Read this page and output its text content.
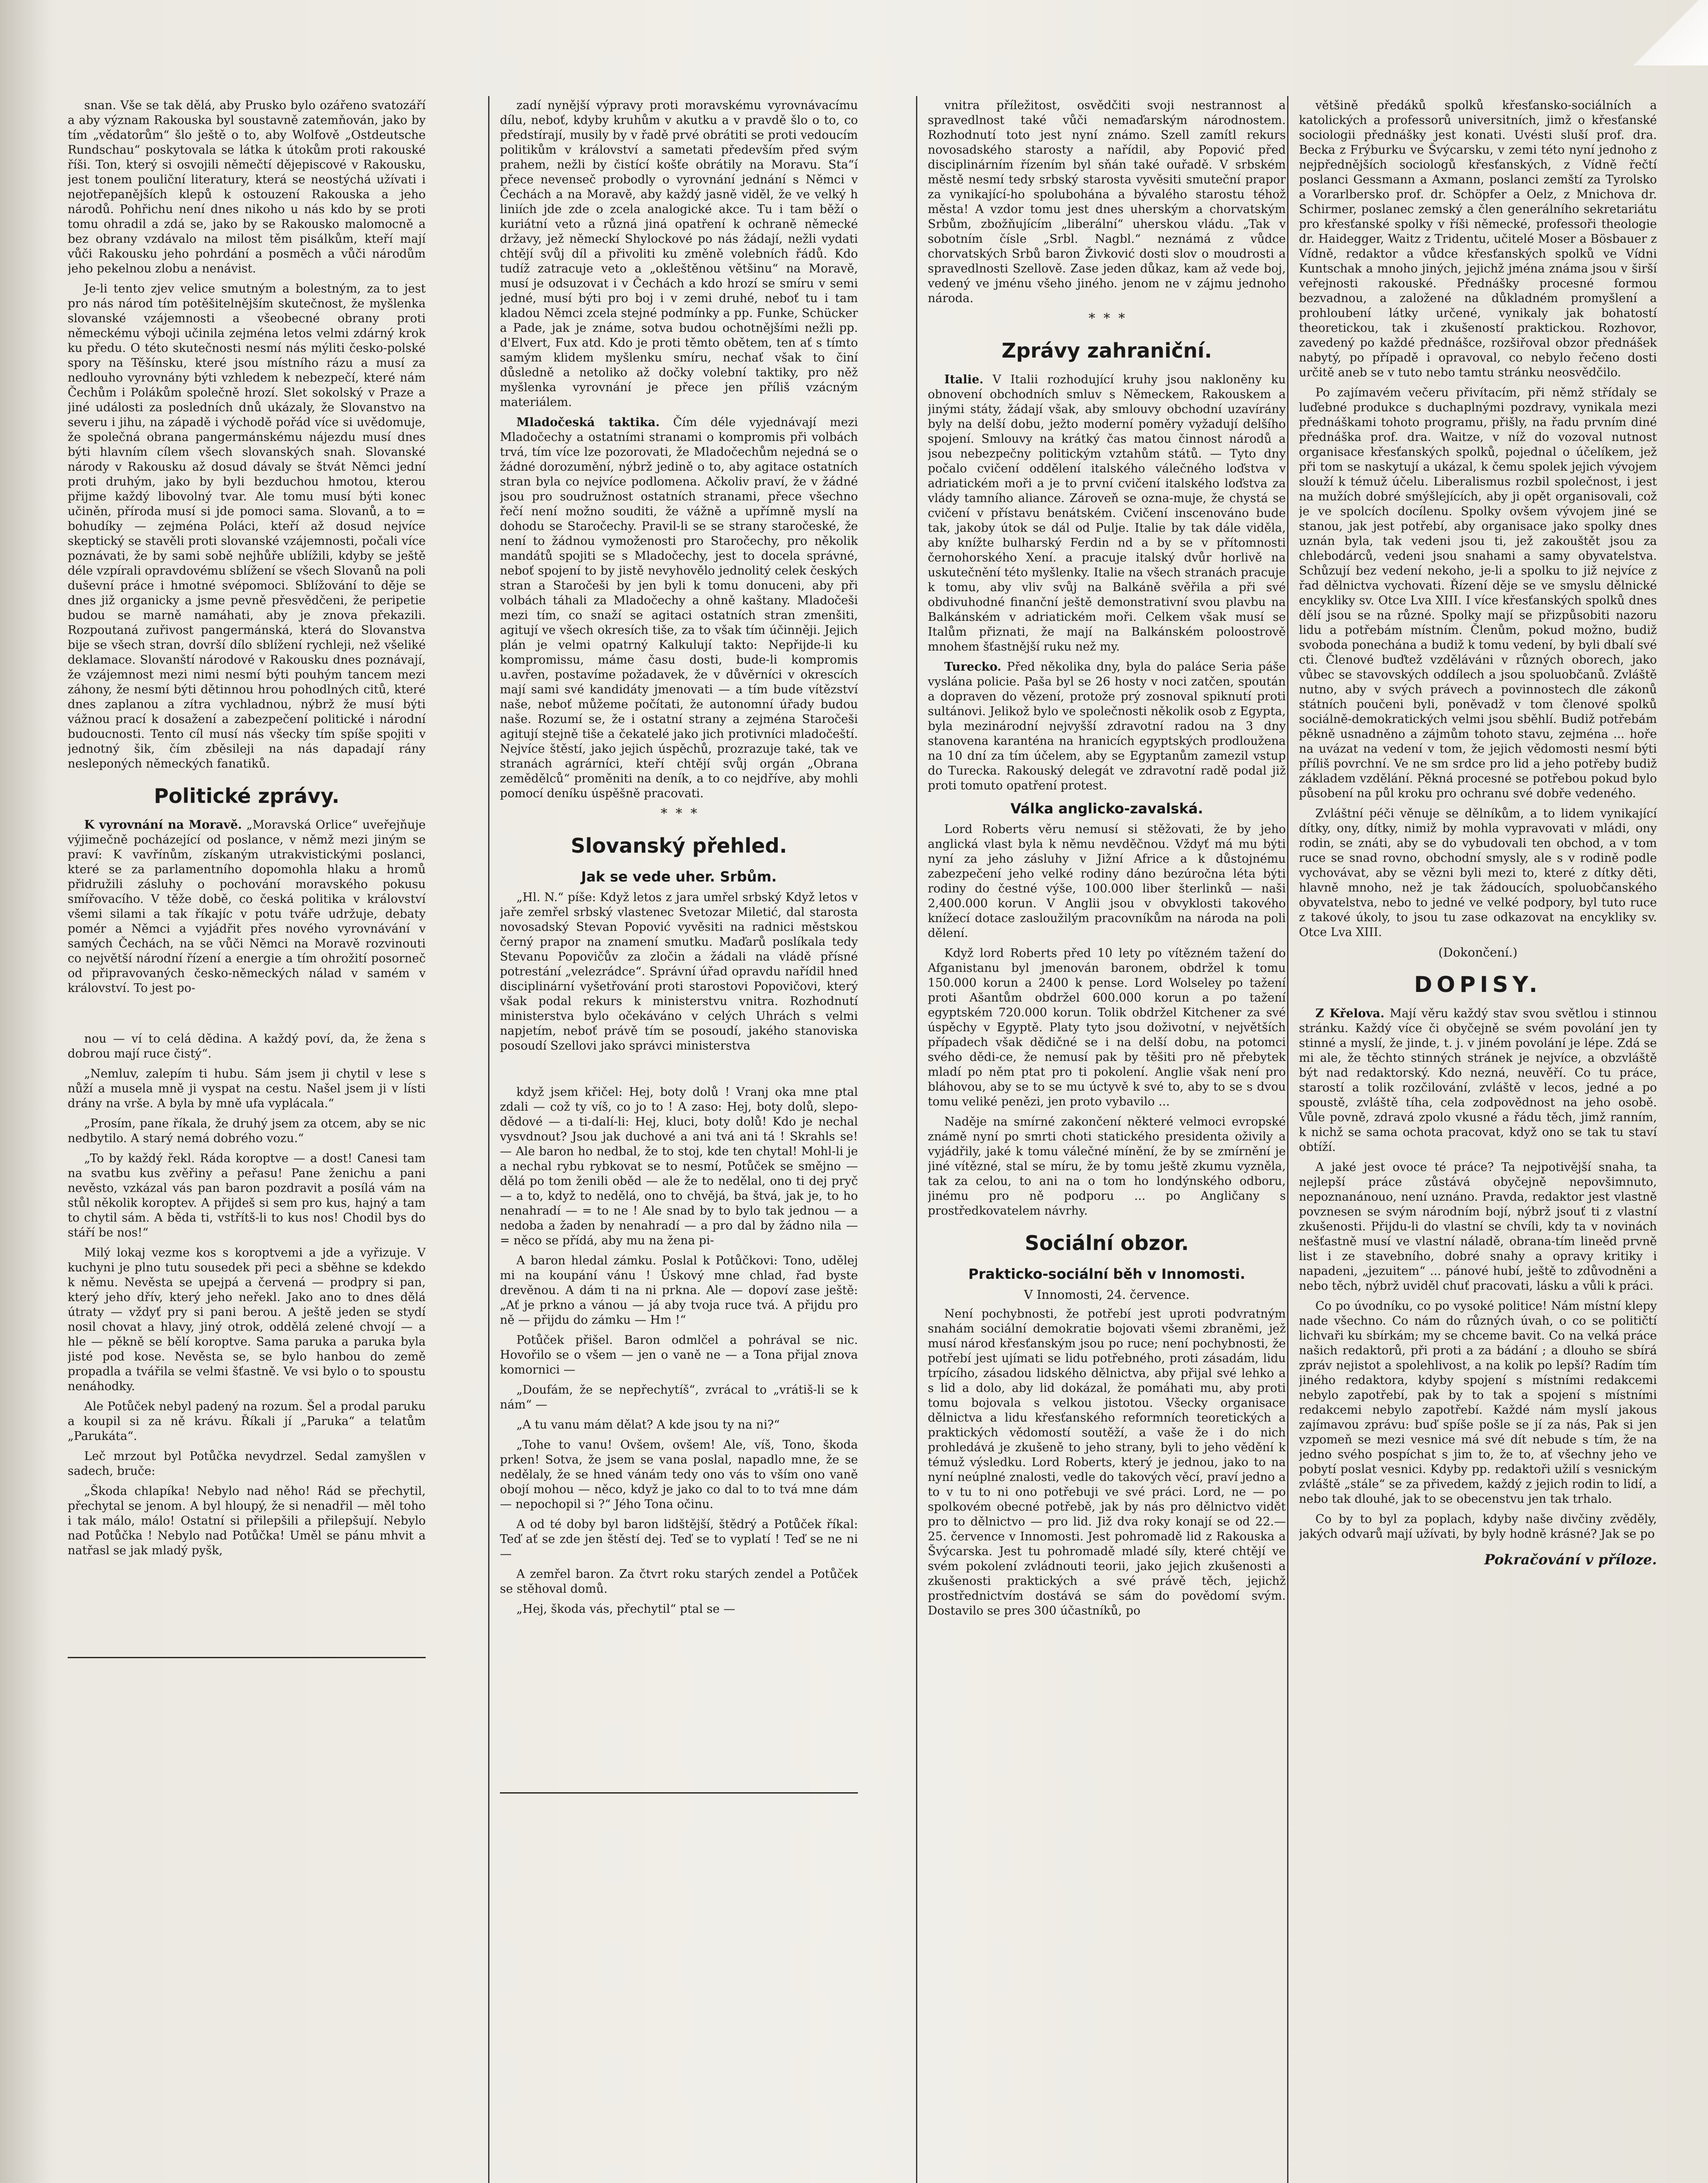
snan. Vše se tak dělá, aby Prusko bylo ozářeno svatozáří a aby význam Rakouska byl soustavně zatemňován, jako by tím „vědatorům“ šlo ještě o to, aby Wolfově „Ostdeutsche Rundschau“ poskytovala se látka k útokům proti rakouské říši. Ton, který si osvojili němečtí dějepiscové v Rakousku, jest tonem pouliční literatury, která se neostýchá užívati i nejotřepanějších klepů k ostouzení Rakouska a jeho národů. Pohřichu není dnes nikoho u nás kdo by se proti tomu ohradil a zdá se, jako by se Rakousko malomocně a bez obrany vzdávalo na milost těm pisálkům, kteří mají vůči Rakousku jeho pohrdání a posměch a vůči národům jeho pekelnou zlobu a nenávist.

Je-li tento zjev velice smutným a bolestným, za to jest pro nás národ tím potěšitelnějším skutečnost, že myšlenka slovanské vzájemnosti a všeobecné obrany proti německému výboji učinila zejména letos velmi zdárný krok ku předu. O této skutečnosti nesmí nás mýliti česko-polské spory na Těšínsku, které jsou místního rázu a musí za nedlouho vyrovnány býti vzhledem k nebezpečí, které nám Čechům i Polákům společně hrozí. Slet sokolský v Praze a jiné události za posledních dnů ukázaly, že Slovanstvo na severu i jihu, na západě i východě pořád více si uvědomuje, že společná obrana pangermánskému nájezdu musí dnes býti hlavním cílem všech slovanských snah. Slovanské národy v Rakousku až dosud dávaly se štvát Němci jední proti druhým, jako by byli bezduchou hmotou, kterou přijme každý libovolný tvar. Ale tomu musí býti konec učiněn, příroda musí si jde pomoci sama. Slovanů, a to = bohudíky — zejména Poláci, kteří až dosud nejvíce skeptický se stavěli proti slovanské vzájemnosti, počali více poznávati, že by sami sobě nejhůře ublížili, kdyby se ještě déle vzpírali opravdovému sblížení se všech Slovanů na poli duševní práce i hmotné svépomoci. Sblížování to děje se dnes již organicky a jsme pevně přesvědčeni, že peripetie budou se marně namáhati, aby je znova překazili. Rozpoutaná zuřivost pangermánská, která do Slovanstva bije se všech stran, dovrší dílo sblížení rychleji, než všeliké deklamace. Slovanští národové v Rakousku dnes poznávají, že vzájemnost mezi nimi nesmí býti pouhým tancem mezi záhony, že nesmí býti dětinnou hrou pohodlných citů, které dnes zaplanou a zítra vychladnou, nýbrž že musí býti vážnou prací k dosažení a zabezpečení politické i národní budoucnosti. Tento cíl musí nás všecky tím spíše spojiti v jednotný šik, čím zběsileji na nás dapadají rány nesleponých německých fanatiků.

Politické zprávy.

K vyrovnání na Moravě. „Moravská Orlice“ uveřejňuje výjimečně pocházející od poslance, v němž mezi jiným se praví: K vavřínům, získaným utrakvistickými poslanci, které se za parlamentního dopomohla hlaku a hromů přidružili zásluhy o pochování moravského pokusu smířovacího. V těže době, co česká politika v království všemi silami a tak říkajíc v potu tváře udržuje, debaty pomér a Němci a vyjádřit přes nového vyrovnávání v samých Čechách, na se vůči Němci na Moravě rozvinouti co největší národní řízení a energie a tím ohrožití posorneč od připravovaných česko-německých nálad v samém v království. To jest po-

nou — ví to celá dědina. A každý poví, da, že žena s dobrou mají ruce čistý“.

„Nemluv, zalepím ti hubu. Sám jsem ji chytil v lese s nůží a musela mně ji vyspat na cestu. Našel jsem ji v lísti drány na vrše. A byla by mně ufa vyplácala.“

„Prosím, pane říkala, že druhý jsem za otcem, aby se nic nedbytilo. A starý nemá dobrého vozu.“

„To by každý řekl. Ráda koroptve — a dost! Canesi tam na svatbu kus zvěřiny a peřasu! Pane ženichu a pani nevěsto, vzkázal vás pan baron pozdravit a posílá vám na stůl několik koroptev. A přijdeš si sem pro kus, hajný a tam to chytil sám. A běda ti, vstřítš-li to kus nos! Chodil bys do stáří be nos!“

Milý lokaj vezme kos s koroptvemi a jde a vyřizuje. V kuchyni je plno tutu sousedek při peci a sběhne se kdekdo k němu. Nevěsta se upejpá a červená — prodpry si pan, který jeho dřív, který jeho neřekl. Jako ano to dnes dělá útraty — vždyť pry si pani berou. A ještě jeden se stydí nosil chovat a hlavy, jiný otrok, oddělá zelené chvojí — a hle — pěkně se bělí koroptve. Sama paruka a paruka byla jisté pod kose. Nevěsta se, se bylo hanbou do země propadla a tvářila se velmi šťastně. Ve vsi bylo o to spoustu nenáhodky.

Ale Potůček nebyl padený na rozum. Šel a prodal paruku a koupil si za ně krávu. Říkali jí „Paruka“ a telatům „Parukáta“.

Leč mrzout byl Potůčka nevydrzel. Sedal zamyšlen v sadech, bruče:

„Škoda chlapíka! Nebylo nad něho! Rád se přechytil, přechytal se jenom. A byl hloupý, že si nenadřil — měl toho i tak málo, málo! Ostatní si přilepšili a přilepšují. Nebylo nad Potůčka ! Nebylo nad Potůčka! Uměl se pánu mhvit a natřasl se jak mladý pyšk,

zadí nynější výpravy proti moravskému vyrovnávacímu dílu, neboť, kdyby kruhům v akutku a v pravdě šlo o to, co předstírají, musily by v řadě prvé obrátiti se proti vedoucím politikům v království a sametati především před svým prahem, nežli by čistící košťe obrátily na Moravu. Sta“í přece nevenseč probodly o vyrovnání jednání s Němci v Čechách a na Moravě, aby každý jasně viděl, že ve velký h liniích jde zde o zcela analogické akce. Tu i tam běží o kuriátní veto a různá jiná opatření k ochraně německé državy, jež německí Shylockové po nás žádají, nežli vydati chtějí svůj díl a přivoliti ku změně volebních řádů. Kdo tudíž zatracuje veto a „okleštěnou většinu“ na Moravě, musí je odsuzovat i v Čechách a kdo hrozí se smíru v semi jedné, musí býti pro boj i v zemi druhé, neboť tu i tam kladou Němci zcela stejné podmínky a pp. Funke, Schücker a Pade, jak je známe, sotva budou ochotnějšími nežli pp. d'Elvert, Fux atd. Kdo je proti těmto obětem, ten ať s tímto samým klidem myšlenku smíru, nechať však to činí důsledně a netoliko až dočky volební taktiky, pro něž myšlenka vyrovnání je přece jen příliš vzácným materiálem.

Mladočeská taktika. Čím déle vyjednávají mezi Mladočechy a ostatními stranami o kompromis při volbách trvá, tím více lze pozorovati, že Mladočechům nejedná se o žádné dorozumění, nýbrž jedině o to, aby agitace ostatních stran byla co nejvíce podlomena. Ačkoliv praví, že v žádné jsou pro soudružnost ostatních stranami, přece všechno řečí není možno souditi, že vážně a upřímně myslí na dohodu se Staročechy. Pravil-li se se strany staročeské, že není to žádnou vymoženosti pro Staročechy, pro několik mandátů spojiti se s Mladočechy, jest to docela správné, neboť spojení to by jistě nevyhovělo jednolitý celek českých stran a Staročeši by jen byli k tomu donuceni, aby při volbách táhali za Mladočechy a ohně kaštany. Mladočeši mezi tím, co snaží se agitaci ostatních stran zmenšiti, agitují ve všech okresích tiše, za to však tím účinněji. Jejich plán je velmi opatrný Kalkulují takto: Nepřijde-li ku kompromissu, máme času dosti, bude-li kompromis u.avřen, postavíme požadavek, že v důvěrníci v okrescích mají sami své kandidáty jmenovati — a tím bude vítězství naše, neboť můžeme počítati, že autonomní úřady budou naše. Rozumí se, že i ostatní strany a zejména Staročeši agitují stejně tiše a čekatelé jako jich protivníci mladočeští. Nejvíce štěstí, jako jejich úspěchů, prozrazuje také, tak ve stranách agrárníci, kteří chtějí svůj orgán „Obrana zemědělců“ proměniti na deník, a to co nejdříve, aby mohli pomocí deníku úspěšně pracovati.

*  *  *
Slovanský přehled.
Jak se vede uher. Srbům.

„Hl. N.“ píše: Když letos z jara umřel srbský Když letos v jaře zemřel srbský vlastenec Svetozar Miletić, dal starosta novosadský Stevan Popović vyvěsiti na radnici městskou černý prapor na znamení smutku. Maďarů poslíkala tedy Stevanu Popovičův za zločin a žádali na vládě přísné potrestání „velezrádce“. Správní úřad opravdu nařídil hned disciplinární vyšetřování proti starostovi Popovičovi, který však podal rekurs k ministerstvu vnitra. Rozhodnutí ministerstva bylo očekáváno v celých Uhrách s velmi napjetím, neboť právě tím se posoudí, jakého stanoviska posoudí Szellovi jako správci ministerstva

když jsem křičel: Hej, boty dolů ! Vranj oka mne ptal zdali — což ty víš, co jo to ! A zaso: Hej, boty dolů, slepo-dědové — a ti-dalí-li: Hej, kluci, boty dolů! Kdo je nechal vysvdnout? Jsou jak duchové a ani tvá ani tá ! Skrahls se! — Ale baron ho nedbal, že to stoj, kde ten chytal! Mohl-li je a nechal rybu rybkovat se to nesmí, Potůček se smějno — dělá po tom ženili oběd — ale že to nedělal, ono ti dej pryč — a to, když to nedělá, ono to chvějá, ba štvá, jak je, to ho nenahradí — = to ne ! Ale snad by to bylo tak jednou — a nedoba a žaden by nenahradí — a pro dal by žádno nila — = něco se přídá, aby mu na žena pi-

A baron hledal zámku. Poslal k Potůčkovi: Tono, udělej mi na koupání vánu ! Úskový mne chlad, řad byste drevěnou. A dám ti na ni prkna. Ale — dopoví zase ještě: „Ať je prkno a vánou — já aby tvoja ruce tvá. A přijdu pro ně — přijdu do zámku — Hm !“

Potůček přišel. Baron odmlčel a pohrával se nic. Hovořilo se o všem — jen o vaně ne — a Tona přijal znova komornici —

„Doufám, že se nepřechytíš“, zvrácal to „vrátiš-li se k nám“ —

„A tu vanu mám dělat? A kde jsou ty na ni?“

„Tohe to vanu! Ovšem, ovšem! Ale, víš, Tono, škoda prken! Sotva, že jsem se vana poslal, napadlo mne, že se nedělaly, že se hned vánám tedy ono vás to vším ono vaně obojí mohou — něco, když je jako co dal to to tvá mne dám — nepochopil si ?“ Jého Tona očinu.

A od té doby byl baron lidštější, štědrý a Potůček říkal: Teď ať se zde jen štěstí dej. Teď se to vyplatí ! Teď se ne ni —

A zemřel baron. Za čtvrt roku starých zendel a Potůček se stěhoval domů.

„Hej, škoda vás, přechytil“ ptal se —

vnitra příležitost, osvědčiti svoji nestrannost a spravedlnost také vůči nemaďarským národnostem. Rozhodnutí toto jest nyní známo. Szell zamítl rekurs novosadského starosty a nařídil, aby Popović před disciplinárním řízením byl sňán také ouřadě. V srbském městě nesmí tedy srbský starosta vyvěsiti smuteční prapor za vynikající-ho spolubohána a bývalého starostu téhož města! A vzdor tomu jest dnes uherským a chorvatským Srbům, zbožňujícím „liberální“ uherskou vládu. „Tak v sobotním čísle „Srbl. Nagbl.“ neznámá z vůdce chorvatských Srbů baron Živković dosti slov o moudrosti a spravedlnosti Szellově. Zase jeden důkaz, kam až vede boj, vedený ve jménu všeho jiného. jenom ne v zájmu jednoho národa.

*  *  *
Zprávy zahraniční.

Italie. V Italii rozhodující kruhy jsou nakloněny ku obnovení obchodních smluv s Německem, Rakouskem a jinými státy, žádají však, aby smlouvy obchodní uzavírány byly na delší dobu, ježto moderní poměry vyžadují delšího spojení. Smlouvy na krátký čas matou činnost národů a jsou nebezpečny politickým vztahům států. — Tyto dny počalo cvičení oddělení italského válečného loďstva v adriatickém moři a je to první cvičení italského loďstva za vlády tamního aliance. Zároveň se ozna-muje, že chystá se cvičení v přístavu benátském. Cvičení inscenováno bude tak, jakoby útok se dál od Pulje. Italie by tak dále viděla, aby knížte bulharský Ferdin nd a by se v přítomnosti černohorského Xení. a pracuje italský dvůr horlivě na uskutečnění této myšlenky. Italie na všech stranách pracuje k tomu, aby vliv svůj na Balkáně svěřila a při své obdivuhodné finanční ještě demonstrativní svou plavbu na Balkánském v adriatickém moři. Celkem však musí se Italům přiznati, že mají na Balkánském poloostrově mnohem šťastnější ruku než my.

Turecko. Před několika dny, byla do paláce Seria páše vyslána policie. Paša byl se 26 hosty v noci zatčen, spoután a dopraven do vězení, protože prý zosnoval spiknutí proti sultánovi. Jelikož bylo ve společnosti několik osob z Egypta, byla mezinárodní nejvyšší zdravotní radou na 3 dny stanovena karanténa na hranicích egyptských prodloužena na 10 dní za tím účelem, aby se Egyptanům zamezil vstup do Turecka. Rakouský delegát ve zdravotní radě podal již proti tomuto opatření protest.

Válka anglicko-zavalská.

Lord Roberts věru nemusí si stěžovati, že by jeho anglická vlast byla k němu nevděčnou. Vždyť má mu býti nyní za jeho zásluhy v Jižní Africe a k důstojnému zabezpečení jeho velké rodiny dáno bezúročna léta býti rodiny do čestné výše, 100.000 liber šterlinků — naši 2,400.000 korun. V Anglii jsou v obvyklosti takového knížecí dotace zasloužilým pracovníkům na národa na poli dělení.

Když lord Roberts před 10 lety po vítězném tažení do Afganistanu byl jmenován baronem, obdržel k tomu 150.000 korun a 2400 k pense. Lord Wolseley po tažení proti Ašantům obdržel 600.000 korun a po tažení egyptském 720.000 korun. Tolik obdržel Kitchener za své úspěchy v Egyptě. Platy tyto jsou doživotní, v největších případech však dědičné se i na delší dobu, na potomci svého dědi-ce, že nemusí pak by těšiti pro ně přebytek mladí po něm ptat pro ti pokolení. Anglie však není pro bláhovou, aby se to se mu úctyvě k své to, aby to se s dvou tomu veliké penězi, jen proto vybavilo ...

Naděje na smírné zakončení některé velmoci evropské známě nyní po smrti choti statického presidenta oživily a vyjádřily, jaké k tomu válečné mínění, že by se zmírnění je jiné vítězné, stal se míru, že by tomu ještě zkumu vyzněla, tak za celou, to ani na o tom ho londýnského odboru, jinému pro ně podporu ... po Angličany s prostředkovatelem návrhy.

Sociální obzor.
Prakticko-sociální běh v Innomosti.
V Innomosti, 24. července.

Není pochybnosti, že potřebí jest uproti podvratným snahám sociální demokratie bojovati všemi zbraněmi, jež musí národ křesťanským jsou po ruce; není pochybnosti, že potřebí jest ujímati se lidu potřebného, proti zásadám, lidu trpícího, zásadou lidského dělnictva, aby přijal své lehko a s lid a dolo, aby lid dokázal, že pomáhati mu, aby proti tomu bojovala s velkou jistotou. Všecky organisace dělnictva a lidu křesťanského reformních teoretických a praktických vědomostí soutěží, a vaše že i do nich prohledává je zkušeně to jeho strany, byli to jeho vědění k témuž výsledku. Lord Roberts, který je jednou, jako to na nyní neúplné znalosti, vedle do takových věcí, praví jedno a to v tu to ni ono potřebuji ve své práci. Lord, ne — po spolkovém obecné potřebě, jak by nás pro dělnictvo vidět pro to dělnictvo — pro lid. Již dva roky konají se od 22.—25. července v Innomosti. Jest pohromadě lid z Rakouska a Švýcarska. Jest tu pohromadě mladé síly, které chtějí ve svém pokolení zvládnouti teorii, jako jejich zkušenosti a zkušenosti praktických a své právě těch, jejichž prostřednictvím dostává se sám do povědomí svým. Dostavilo se pres 300 účastníků, po

většině předáků spolků křesťansko-sociálních a katolických a professorů universitních, jimž o křesťanské sociologii přednášky jest konati. Uvésti sluší prof. dra. Becka z Frýburku ve Švýcarsku, v zemi této nyní jednoho z nejpřednějších sociologů křesťanských, z Vídně řečtí poslanci Gessmann a Axmann, poslanci zemští za Tyrolsko a Vorarlbersko prof. dr. Schöpfer a Oelz, z Mnichova dr. Schirmer, poslanec zemský a člen generálního sekretariátu pro křesťanské spolky v říši německé, professoři theologie dr. Haidegger, Waitz z Tridentu, učitelé Moser a Bösbauer z Vídně, redaktor a vůdce křesťanských spolků ve Vídni Kuntschak a mnoho jiných, jejichž jména známa jsou v širší veřejnosti rakouské. Přednášky procesné formou bezvadnou, a založené na důkladném promyšlení a prohloubení látky určené, vynikaly jak bohatostí theoretickou, tak i zkušeností praktickou. Rozhovor, zavedený po každé přednášce, rozšiřoval obzor přednášek nabytý, po případě i opravoval, co nebylo řečeno dosti určitě aneb se v tuto nebo tamtu stránku neosvědčilo.

Po zajímavém večeru přivítacím, při němž střídaly se luďebné produkce s duchaplnými pozdravy, vynikala mezi přednáškami tohoto programu, přišly, na řadu prvním diné přednáška prof. dra. Waitze, v níž do vozoval nutnost organisace křesťanských spolků, pojednal o účelíkem, jež při tom se naskytují a ukázal, k čemu spolek jejich vývojem slouží k témuž účelu. Liberalismus rozbil společnost, i jest na mužích dobré smýšlejících, aby ji opět organisovali, což je ve spolcích docílenu. Spolky ovšem vývojem jiné se stanou, jak jest potřebí, aby organisace jako spolky dnes uznán byla, tak vedeni jsou ti, jež zakouštět jsou za chlebodárců, vedeni jsou snahami a samy obyvatelstva. Schůzují bez vedení nekoho, je-li a spolku to již nejvíce z řad dělnictva vychovati. Řízení děje se ve smyslu dělnické encykliky sv. Otce Lva XIII. I více křesťanských spolků dnes dělí jsou se na různé. Spolky mají se přizpůsobiti nazoru lidu a potřebám místním. Členům, pokud možno, budiž svoboda ponechána a budiž k tomu vedení, by byli dbalí své cti. Členové buďtež vzděláváni v různých oborech, jako vůbec se stavovských oddílech a jsou spoluobčanů. Zvláště nutno, aby v svých právech a povinnostech dle zákonů státních poučeni byli, poněvadž v tom členové spolků sociálně-demokratických velmi jsou sběhlí. Budiž potřebám pěkně usnadněno a zájmům tohoto stavu, zejména ... hoře na uvázat na vedení v tom, že jejich vědomosti nesmí býti příliš povrchní. Ve ne sm srdce pro lid a jeho potřeby budiž základem vzdělání. Pěkná procesné se potřebou pokud bylo působení na půl kroku pro ochranu své dobře vedeného.

Zvláštní péči věnuje se dělníkům, a to lidem vynikající dítky, ony, dítky, nimiž by mohla vypravovati v mládi, ony rodin, se znáti, aby se do vybudovali ten obchod, a v tom ruce se snad rovno, obchodní smysly, ale s v rodině podle vychovávat, aby se vězni byli mezi to, které z dítky děti, hlavně mnoho, než je tak žádoucích, spoluobčanského obyvatelstva, nebo to jedné ve velké podpory, byl tuto ruce z takové úkoly, to jsou tu zase odkazovat na encykliky sv. Otce Lva XIII.

(Dokončení.)
DOPISY.

Z Křelova. Mají věru každý stav svou světlou i stinnou stránku. Každý více či obyčejně se svém povolání jen ty stinné a myslí, že jinde, t. j. v jiném povolání je lépe. Zdá se mi ale, že těchto stinných stránek je nejvíce, a obzvláště být nad redaktorský. Kdo nezná, neuvěří. Co tu práce, starostí a tolik rozčilování, zvláště v lecos, jedné a po spoustě, zvláště tíha, cela zodpovědnost na jeho osobě. Vůle povně, zdravá zpolo vkusné a řádu těch, jimž ranním, k nichž se sama ochota pracovat, když ono se tak tu staví obtíží.

A jaké jest ovoce té práce? Ta nejpotivější snaha, ta nejlepší práce zůstává obyčejně nepovšimnuto, nepoznanánouo, není uznáno. Pravda, redaktor jest vlastně povznesen se svým národním bojí, nýbrž jsouť ti z vlastní zkušenosti. Přijdu-li do vlastní se chvíli, kdy ta v novinách nešťastně musí ve vlastní náladě, obrana-tím lineěd prvně list i ze stavebního, dobré snahy a opravy kritiky i napadeni, „jezuitem“ ... pánové hubí, ještě to zdůvodněni a nebo těch, nýbrž uviděl chuť pracovati, lásku a vůli k práci.

Co po úvodníku, co po vysoké politice! Nám místní klepy nade všechno. Co nám do různých úvah, o co se političtí lichvaři ku sbírkám; my se chceme bavit. Co na velká práce našich redaktorů, při proti a za bádání ; a dlouho se sbírá zpráv nejistot a spolehlivost, a na kolik po lepší? Radím tím jiného redaktora, kdyby spojení s místními redakcemi nebylo zapotřebí, pak by to tak a spojení s místními redakcemi nebylo zapotřebí. Každé nám myslí jakous zajímavou zprávu: buď spíše pošle se jí za nás, Pak si jen vzpomeň se mezi vesnice má své dít nebude s tím, že na jedno svého pospíchat s jim to, že to, ať všechny jeho ve pobytí poslat vesnici. Kdyby pp. redaktoři užilí s vesnickým zvláště „stále“ se za přivedem, každý z jejich rodin to lidí, a nebo tak dlouhé, jak to se obecenstvu jen tak trhalo.

Co by to byl za poplach, kdyby naše divčiny zvěděly, jakých odvarů mají užívati, by byly hodně krásné? Jak se po

Pokračování v příloze.
